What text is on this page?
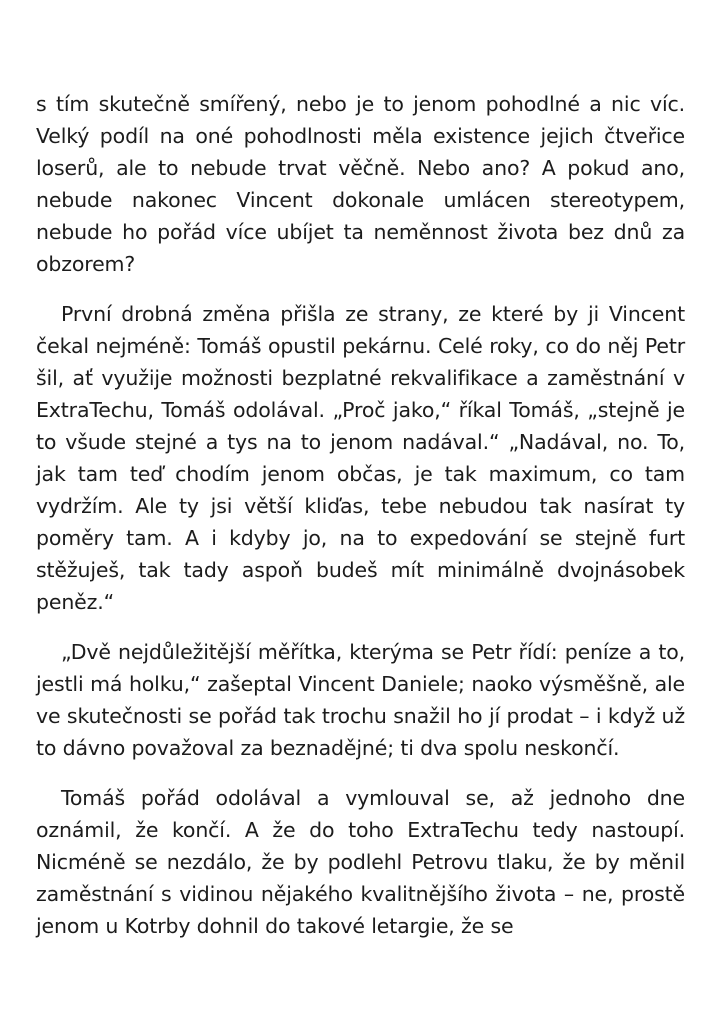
s tím skutečně smířený, nebo je to jenom pohodlné a nic víc. Velký podíl na oné pohodlnosti měla existence jejich čtveřice loserů, ale to nebude trvat věčně. Nebo ano? A pokud ano, nebude nakonec Vincent dokonale umlácen stereotypem, nebude ho pořád více ubíjet ta neměnnost života bez dnů za obzorem?

První drobná změna přišla ze strany, ze které by ji Vincent čekal nejméně: Tomáš opustil pekárnu. Celé roky, co do něj Petr šil, ať využije možnosti bezplatné rekvalifikace a zaměstnání v ExtraTechu, Tomáš odolával. „Proč jako,“ říkal Tomáš, „stejně je to všude stejné a tys na to jenom nadával.“ „Nadával, no. To, jak tam teď chodím jenom občas, je tak maximum, co tam vydržím. Ale ty jsi větší kliďas, tebe nebudou tak nasírat ty poměry tam. A i kdyby jo, na to expedování se stejně furt stěžuješ, tak tady aspoň budeš mít minimálně dvojnásobek peněz.“

„Dvě nejdůležitější měřítka, kterýma se Petr řídí: peníze a to, jestli má holku,“ zašeptal Vincent Daniele; naoko výsměšně, ale ve skutečnosti se pořád tak trochu snažil ho jí prodat – i když už to dávno považoval za beznadějné; ti dva spolu neskončí.

Tomáš pořád odolával a vymlouval se, až jednoho dne oznámil, že končí. A že do toho ExtraTechu tedy nastoupí. Nicméně se nezdálo, že by podlehl Petrovu tlaku, že by měnil zaměstnání s vidinou nějakého kvalitnějšího života – ne, prostě jenom u Kotrby dohnil do takové letargie, že se
